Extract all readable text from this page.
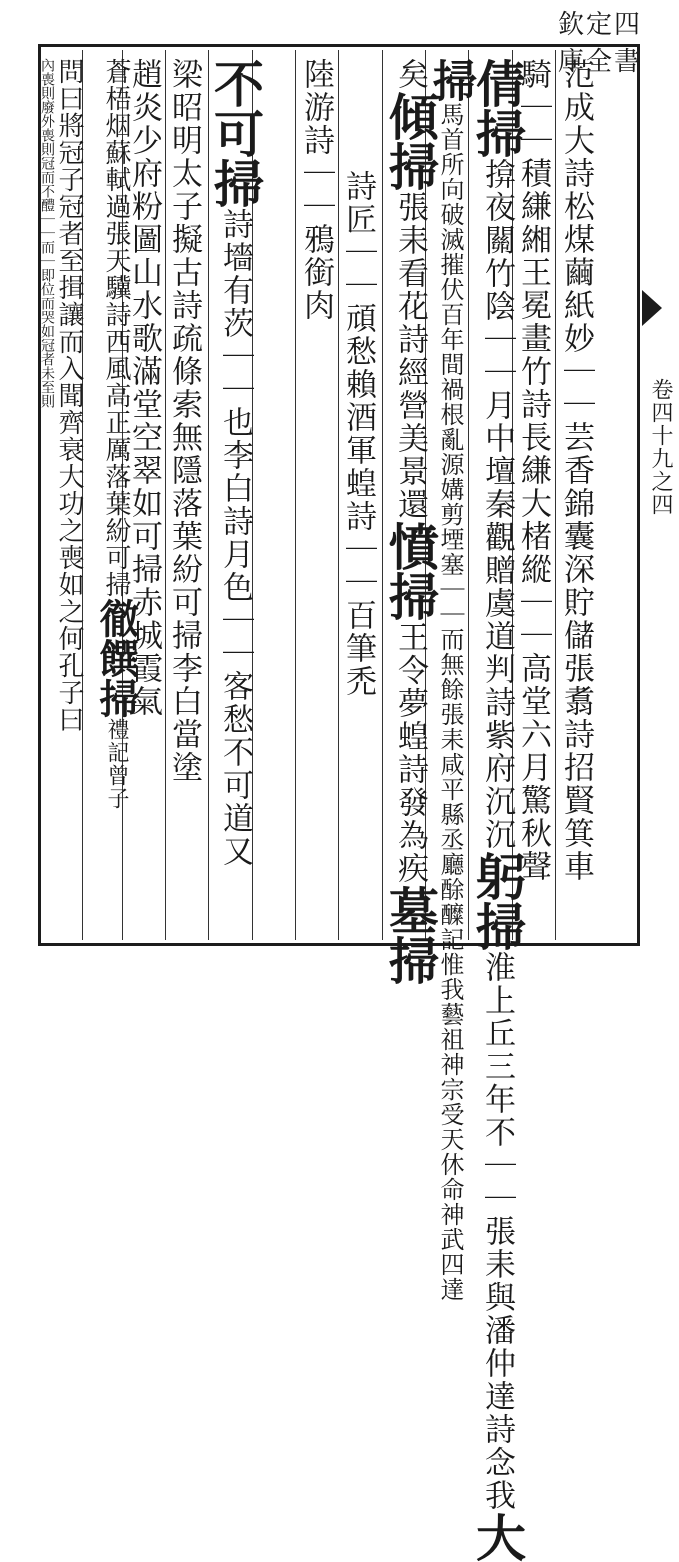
欽定四庫全書
卷四十九之四
范成大詩松煤繭紙妙｜｜芸香錦囊深貯儲張翥詩招賢箕車
騎｜｜積縑緗王冕畫竹詩長縑大楮縱｜｜高堂六月驚秋聲
倩掃揜夜關竹陰｜｜月中壇秦觀贈虞道判詩紫府沉沉躬掃淮上丘三年不｜｜張耒與潘仲達詩念我大
掃馬首所向破滅摧伏百年間禍根亂源媾剪堙塞｜｜而無餘張耒咸平縣丞廳酴醾記惟我藝祖神宗受天休命神武四達
矣傾掃張耒看花詩經營美景還憤掃王令夢蝗詩發為疾墓掃
詩匠｜｜頑愁賴酒軍蝗詩｜｜百筆禿
陸游詩｜｜鴉銜肉
不可掃詩墻有茨｜｜也李白詩月色｜｜客愁不可道又
梁昭明太子擬古詩疏條索無隱落葉紛可掃李白當塗
趙炎少府粉圖山水歌滿堂空翠如可掃赤城霞氣
問曰將冠子冠者至揖讓而入聞齊衰大功之喪如之何孔子曰
內喪則廢外喪則冠而不醴｜｜而｜即位而哭如冠者未至則 蒼梧烟蘇軾過張天驥詩西風高正厲落葉紛可掃徹饌掃禮記曾子
